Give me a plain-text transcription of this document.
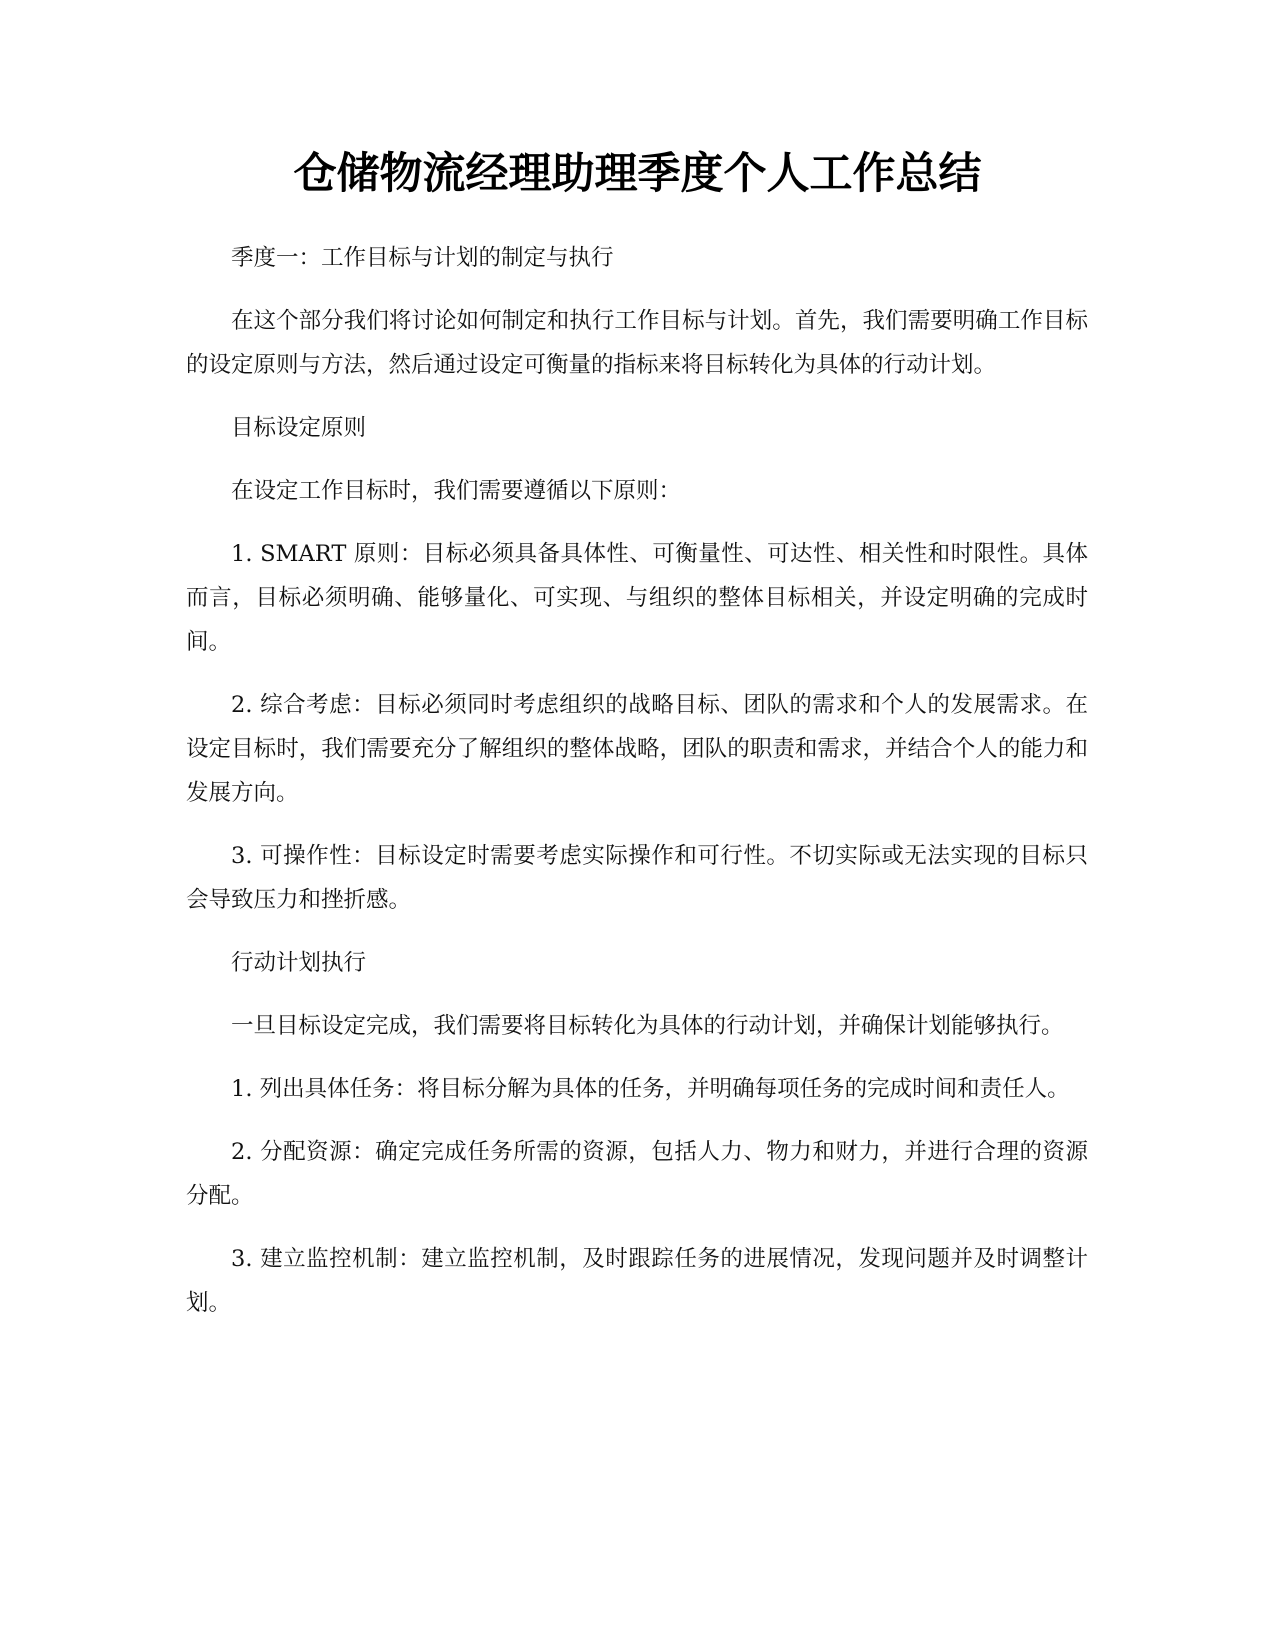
仓储物流经理助理季度个人工作总结

季度一：工作目标与计划的制定与执行

在这个部分我们将讨论如何制定和执行工作目标与计划。首先，我们需要明确工作目标的设定原则与方法，然后通过设定可衡量的指标来将目标转化为具体的行动计划。

目标设定原则

在设定工作目标时，我们需要遵循以下原则：

1. SMART 原则：目标必须具备具体性、可衡量性、可达性、相关性和时限性。具体而言，目标必须明确、能够量化、可实现、与组织的整体目标相关，并设定明确的完成时间。

2. 综合考虑：目标必须同时考虑组织的战略目标、团队的需求和个人的发展需求。在设定目标时，我们需要充分了解组织的整体战略，团队的职责和需求，并结合个人的能力和发展方向。

3. 可操作性：目标设定时需要考虑实际操作和可行性。不切实际或无法实现的目标只会导致压力和挫折感。

行动计划执行

一旦目标设定完成，我们需要将目标转化为具体的行动计划，并确保计划能够执行。

1. 列出具体任务：将目标分解为具体的任务，并明确每项任务的完成时间和责任人。

2. 分配资源：确定完成任务所需的资源，包括人力、物力和财力，并进行合理的资源分配。

3. 建立监控机制：建立监控机制，及时跟踪任务的进展情况，发现问题并及时调整计划。
